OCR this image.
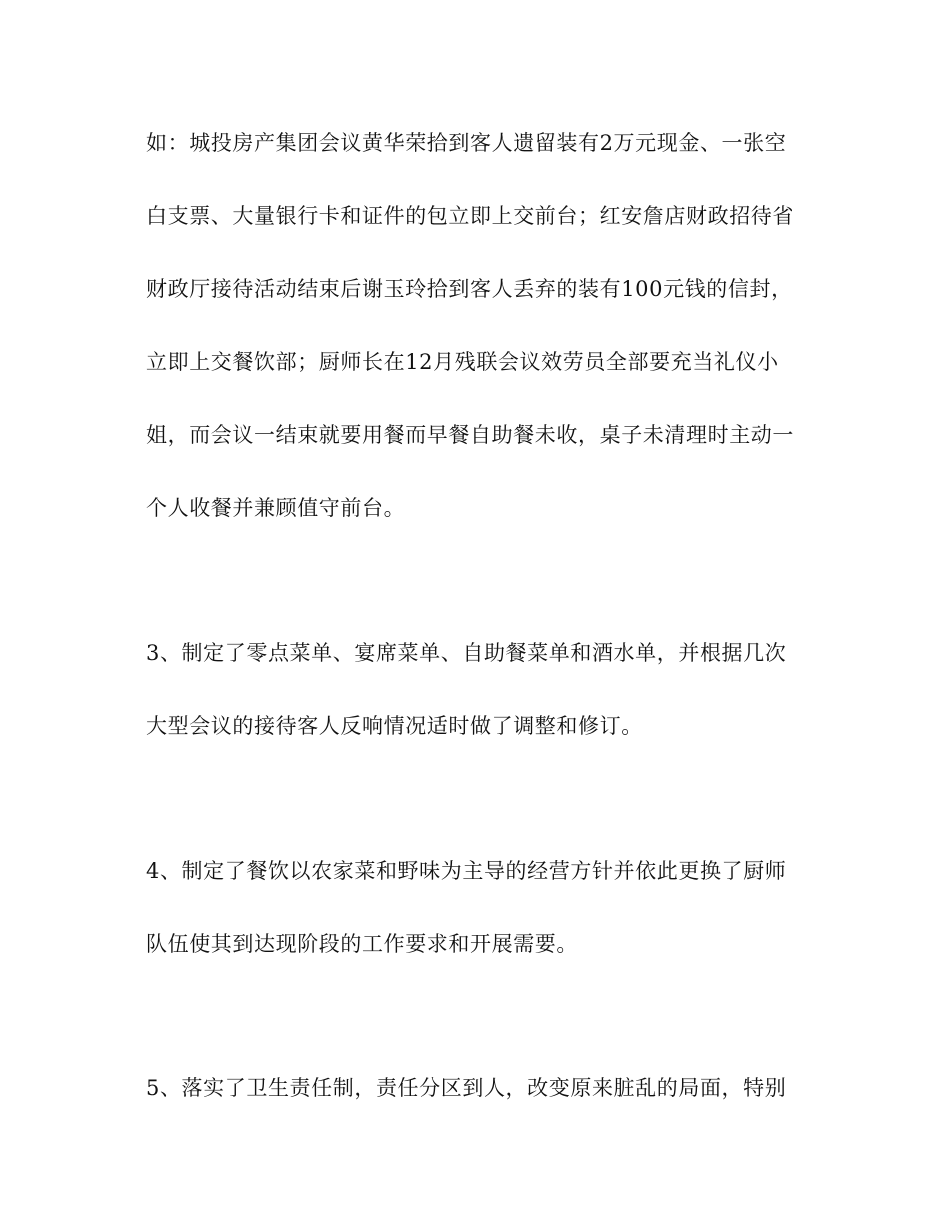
如：城投房产集团会议黄华荣拾到客人遗留装有2万元现金、一张空
白支票、大量银行卡和证件的包立即上交前台；红安詹店财政招待省
财政厅接待活动结束后谢玉玲拾到客人丢弃的装有100元钱的信封，
立即上交餐饮部；厨师长在12月残联会议效劳员全部要充当礼仪小
姐，而会议一结束就要用餐而早餐自助餐未收，桌子未清理时主动一
个人收餐并兼顾值守前台。
3、制定了零点菜单、宴席菜单、自助餐菜单和酒水单，并根据几次
大型会议的接待客人反响情况适时做了调整和修订。
4、制定了餐饮以农家菜和野味为主导的经营方针并依此更换了厨师
队伍使其到达现阶段的工作要求和开展需要。
5、落实了卫生责任制，责任分区到人，改变原来脏乱的局面，特别
